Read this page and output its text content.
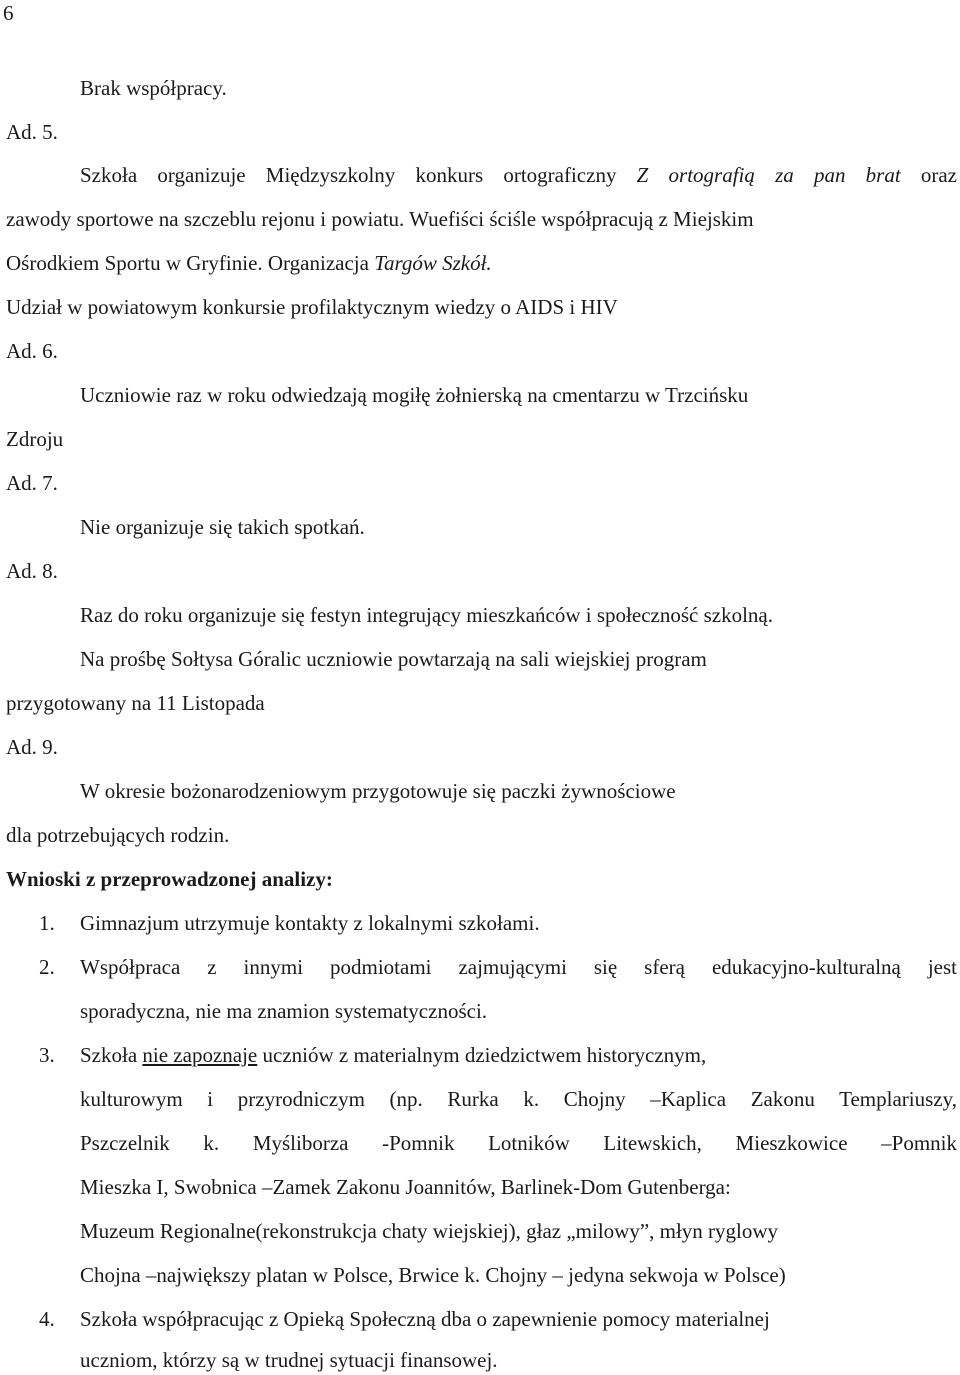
6
Brak współpracy.
Ad. 5.
Szkoła organizuje Międzyszkolny konkurs ortograficzny Z ortografią za pan brat oraz
zawody sportowe na szczeblu rejonu i powiatu. Wuefiści ściśle współpracują z Miejskim
Ośrodkiem Sportu w Gryfinie. Organizacja Targów Szkół.
Udział w powiatowym konkursie profilaktycznym wiedzy o AIDS i HIV
Ad. 6.
Uczniowie raz w roku odwiedzają mogiłę żołnierską na cmentarzu w Trzcińsku
Zdroju
Ad. 7.
Nie organizuje się takich spotkań.
Ad. 8.
Raz do roku organizuje się festyn integrujący mieszkańców i społeczność szkolną.
Na prośbę Sołtysa Góralic uczniowie powtarzają na sali wiejskiej program
przygotowany na 11 Listopada
Ad. 9.
W okresie bożonarodzeniowym przygotowuje się paczki żywnościowe
dla potrzebujących rodzin.
Wnioski z przeprowadzonej analizy:
1. Gimnazjum utrzymuje kontakty z lokalnymi szkołami.
2. Współpraca z innymi podmiotami zajmującymi się sferą edukacyjno-kulturalną jest
sporadyczna, nie ma znamion systematyczności.
3. Szkoła nie zapoznaje uczniów z materialnym dziedzictwem historycznym,
kulturowym i przyrodniczym (np. Rurka k. Chojny –Kaplica Zakonu Templariuszy,
Pszczelnik k. Myśliborza -Pomnik Lotników Litewskich, Mieszkowice –Pomnik
Mieszka I, Swobnica –Zamek Zakonu Joannitów, Barlinek-Dom Gutenberga:
Muzeum Regionalne(rekonstrukcja chaty wiejskiej), głaz „milowy”, młyn ryglowy
Chojna –największy platan w Polsce, Brwice k. Chojny – jedyna sekwoja w Polsce)
4. Szkoła współpracując z Opieką Społeczną dba o zapewnienie pomocy materialnej
uczniom, którzy są w trudnej sytuacji finansowej.
